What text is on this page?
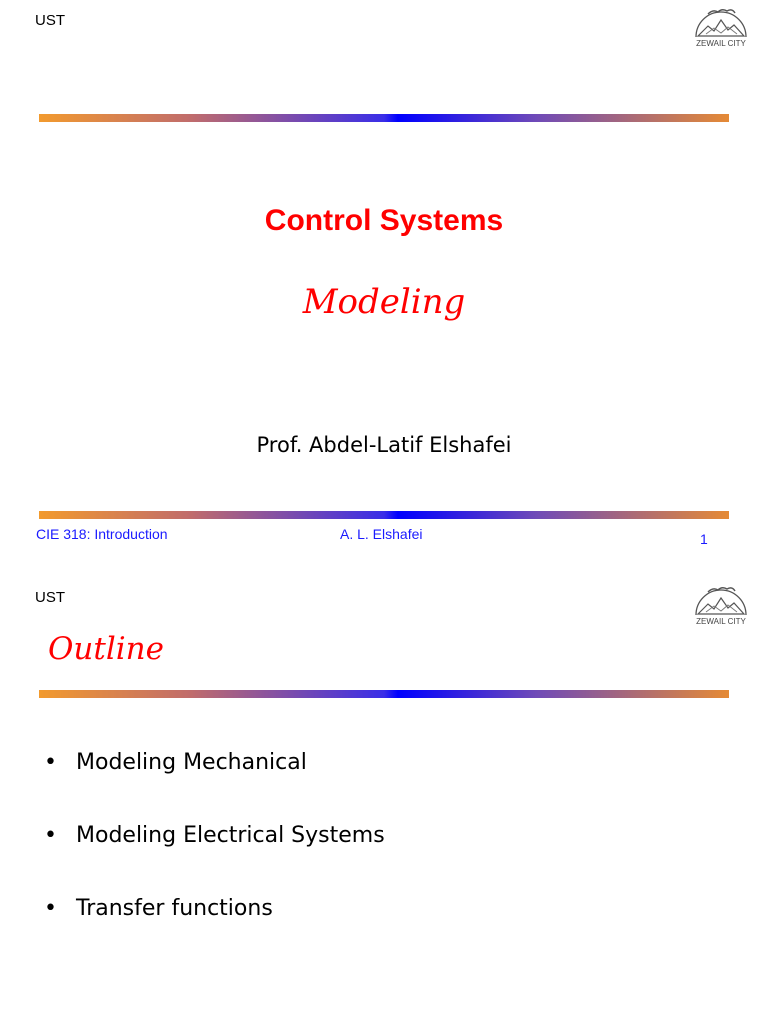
UST
ZEWAIL CITY
Control Systems
Modeling
Prof. Abdel-Latif Elshafei
CIE 318: Introduction	A. L. Elshafei	1
UST
ZEWAIL CITY
Outline
• Modeling Mechanical
• Modeling Electrical Systems
• Transfer functions
